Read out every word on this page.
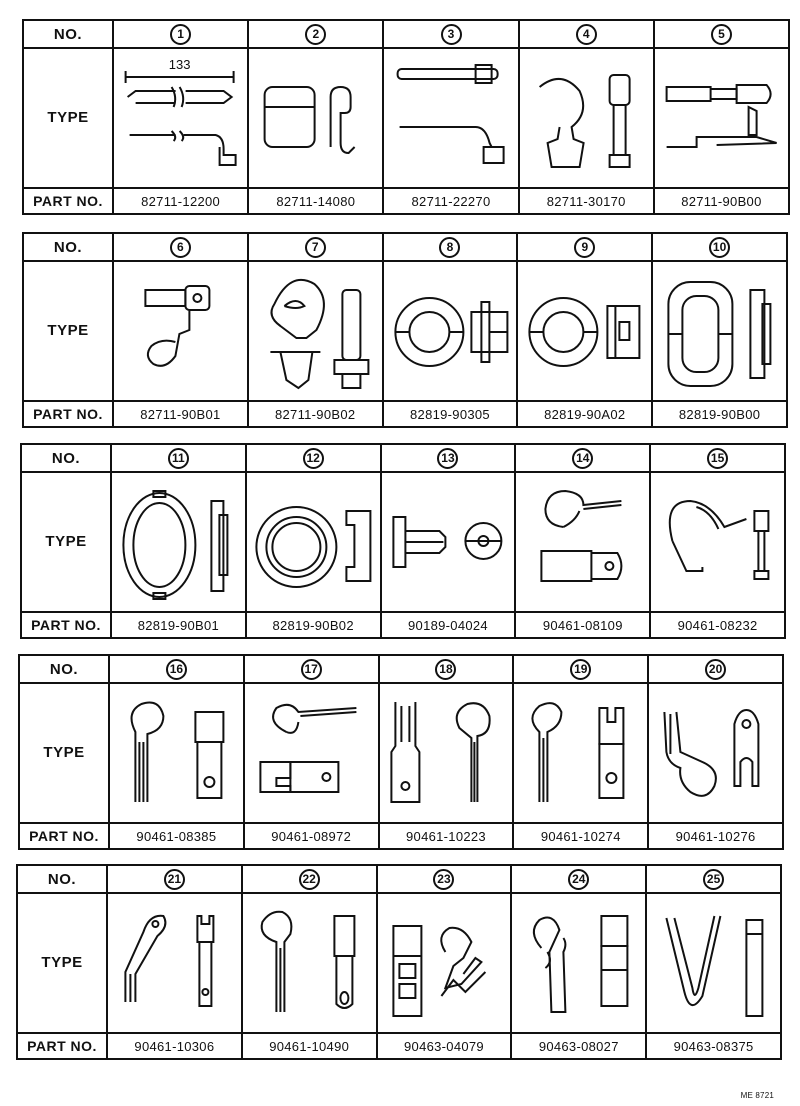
NO.	1	2	3	4	5
TYPE
133
PART NO.	82711-12200	82711-14080	82711-22270	82711-30170	82711-90B00
NO.	6	7	8	9	10
TYPE
PART NO.	82711-90B01	82711-90B02	82819-90305	82819-90A02	82819-90B00
NO.	11	12	13	14	15
TYPE
PART NO.	82819-90B01	82819-90B02	90189-04024	90461-08109	90461-08232
NO.	16	17	18	19	20
TYPE
PART NO.	90461-08385	90461-08972	90461-10223	90461-10274	90461-10276
NO.	21	22	23	24	25
TYPE
PART NO.	90461-10306	90461-10490	90463-04079	90463-08027	90463-08375
ME 8721
